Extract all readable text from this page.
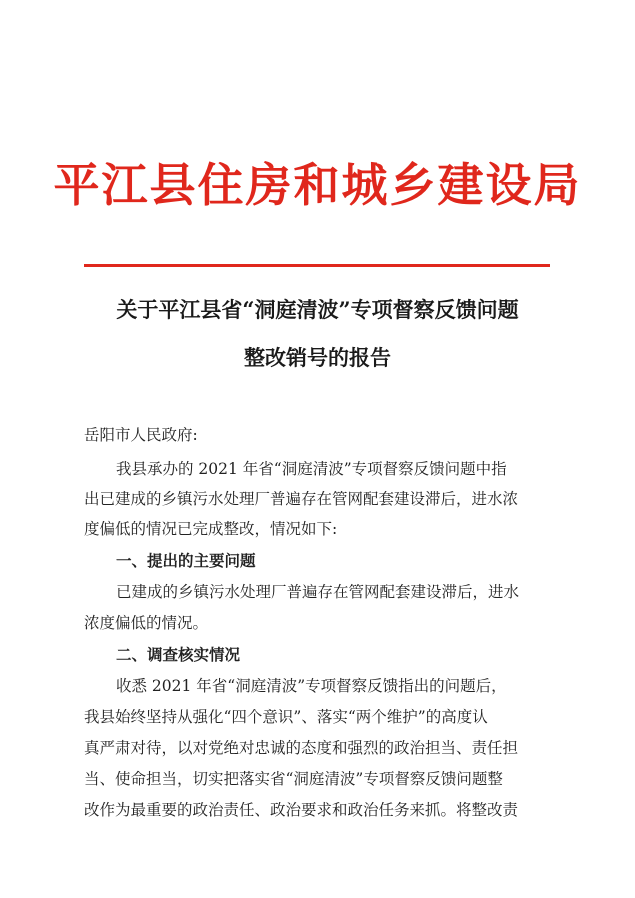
平江县住房和城乡建设局
关于平江县省“洞庭清波”专项督察反馈问题
整改销号的报告
岳阳市人民政府:
我县承办的 2021 年省“洞庭清波”专项督察反馈问题中指
出已建成的乡镇污水处理厂普遍存在管网配套建设滞后，进水浓
度偏低的情况已完成整改，情况如下:
一、提出的主要问题
已建成的乡镇污水处理厂普遍存在管网配套建设滞后，进水
浓度偏低的情况。
二、调查核实情况
收悉 2021 年省“洞庭清波”专项督察反馈指出的问题后，
我县始终坚持从强化“四个意识”、落实“两个维护”的高度认
真严肃对待，以对党绝对忠诚的态度和强烈的政治担当、责任担
当、使命担当，切实把落实省“洞庭清波”专项督察反馈问题整
改作为最重要的政治责任、政治要求和政治任务来抓。将整改责
